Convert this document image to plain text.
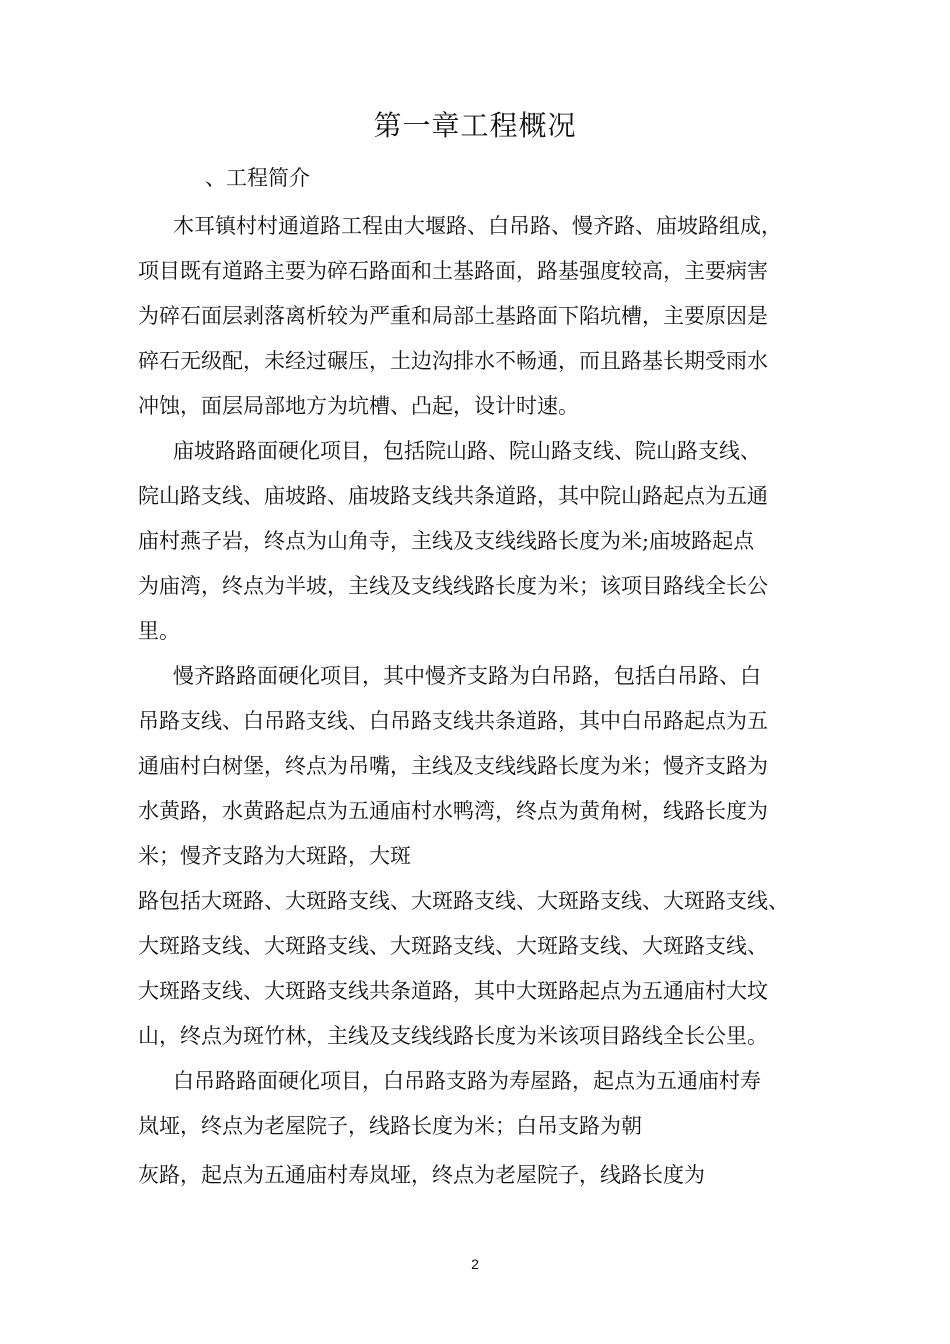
第一章工程概况
、工程简介
木耳镇村村通道路工程由大堰路、白吊路、慢齐路、庙坡路组成，
项目既有道路主要为碎石路面和土基路面，路基强度较高，主要病害
为碎石面层剥落离析较为严重和局部土基路面下陷坑槽，主要原因是
碎石无级配，未经过碾压，土边沟排水不畅通，而且路基长期受雨水
冲蚀，面层局部地方为坑槽、凸起，设计时速。
庙坡路路面硬化项目，包括院山路、院山路支线、院山路支线、
院山路支线、庙坡路、庙坡路支线共条道路，其中院山路起点为五通
庙村燕子岩，终点为山角寺，主线及支线线路长度为米;庙坡路起点
为庙湾，终点为半坡，主线及支线线路长度为米；该项目路线全长公
里。
慢齐路路面硬化项目，其中慢齐支路为白吊路，包括白吊路、白
吊路支线、白吊路支线、白吊路支线共条道路，其中白吊路起点为五
通庙村白树堡，终点为吊嘴，主线及支线线路长度为米；慢齐支路为
水黄路，水黄路起点为五通庙村水鸭湾，终点为黄角树，线路长度为
米；慢齐支路为大斑路，大斑
路包括大斑路、大斑路支线、大斑路支线、大斑路支线、大斑路支线、
大斑路支线、大斑路支线、大斑路支线、大斑路支线、大斑路支线、
大斑路支线、大斑路支线共条道路，其中大斑路起点为五通庙村大坟
山，终点为斑竹林，主线及支线线路长度为米该项目路线全长公里。
白吊路路面硬化项目，白吊路支路为寿屋路，起点为五通庙村寿
岚垭，终点为老屋院子，线路长度为米；白吊支路为朝
灰路，起点为五通庙村寿岚垭，终点为老屋院子，线路长度为
2
